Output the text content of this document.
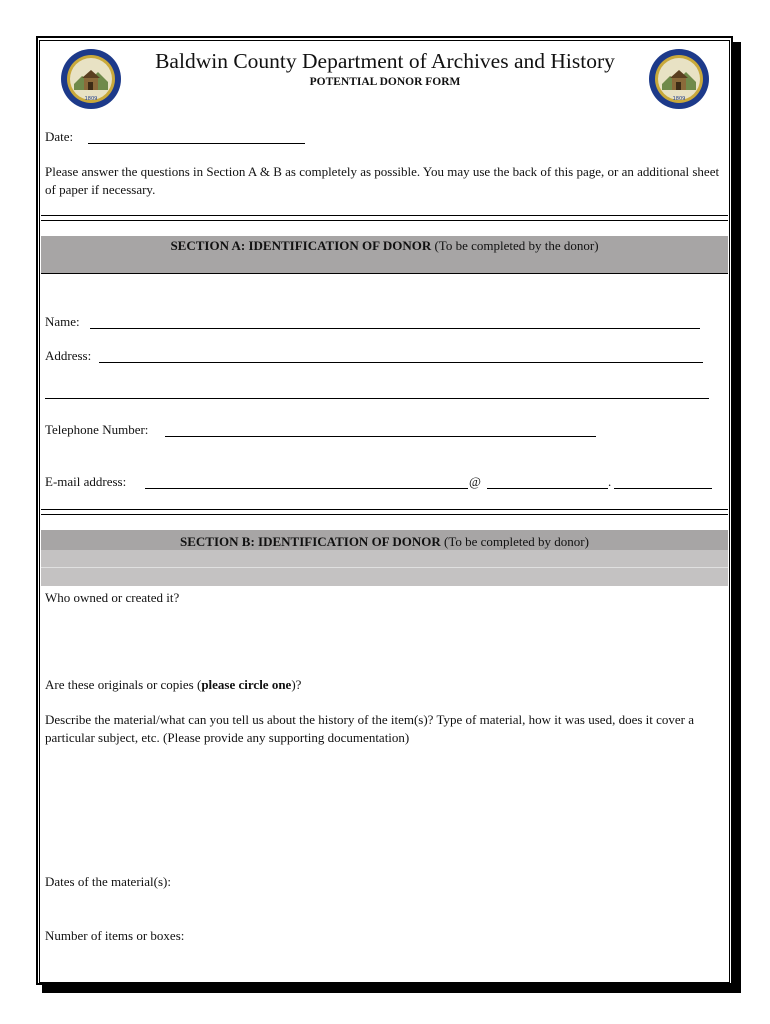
1809	1809
Baldwin County Department of Archives and History
POTENTIAL DONOR FORM
Date:
Please answer the questions in Section A & B as completely as possible. You may use the back of this page, or an additional sheet of paper if necessary.
SECTION A: IDENTIFICATION OF DONOR (To be completed by the donor)
Name:
Address:
Telephone Number:
E-mail address:	@	.
SECTION B: IDENTIFICATION OF DONOR (To be completed by donor)
Who owned or created it?
Are these originals or copies (please circle one)?
Describe the material/what can you tell us about the history of the item(s)? Type of material, how it was used, does it cover a particular subject, etc. (Please provide any supporting documentation)
Dates of the material(s):
Number of items or boxes:
